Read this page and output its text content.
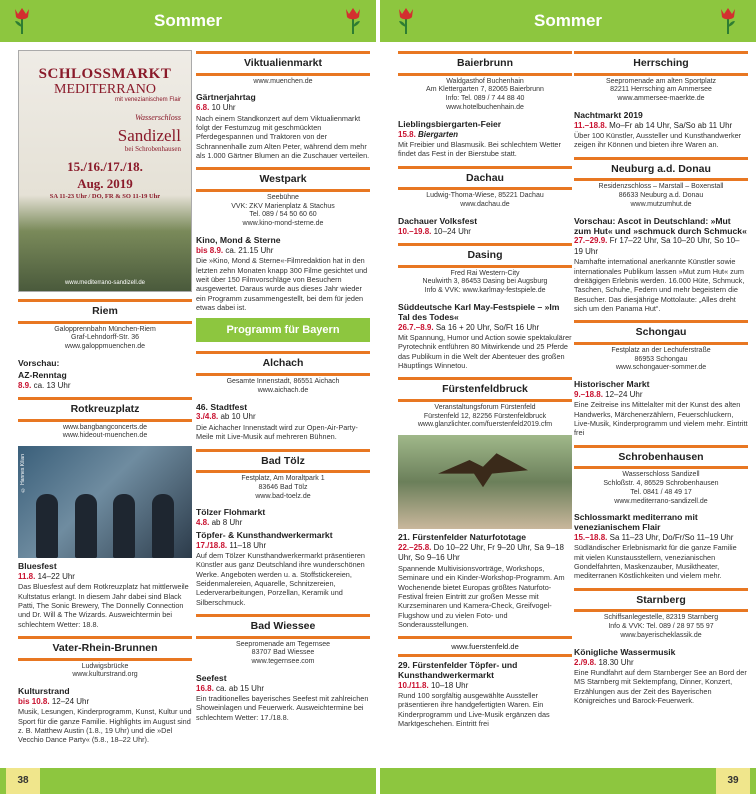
Sommer	Sommer
SCHLOSSMARKT
MEDITERRANO
mit venezianischem Flair
Wasserschloss
Sandizell
bei Schrobenhausen
15./16./17./18.
Aug. 2019
SA 11-23 Uhr / DO, FR & SO 11-19 Uhr
www.mediterrano-sandizell.de
Riem
Galopprennbahn München-Riem
Graf-Lehndorff-Str. 36
www.galoppmuenchen.de
Vorschau:
AZ-Renntag
8.9. ca. 13 Uhr
Rotkreuzplatz
www.bangbangconcerts.de
www.hideout-muenchen.de
© Hannes Kilian
Bluesfest
11.8. 14–22 Uhr
Das Bluesfest auf dem Rotkreuzplatz hat mittlerweile Kultstatus erlangt. In diesem Jahr dabei sind Black Patti, The Sonic Brewery, The Donnelly Connection und Dr. Will & The Wizards. Ausweichtermin bei schlechtem Wetter: 18.8.
Vater-Rhein-Brunnen
Ludwigsbrücke
www.kulturstrand.org
Kulturstrand
bis 10.8. 12–24 Uhr
Musik, Lesungen, Kinderprogramm, Kunst, Kultur und Sport für die ganze Familie. Highlights im August sind z. B. Matthew Austin (1.8., 19 Uhr) und die »Del Vecchio Dance Party« (5.8., 18–22 Uhr).
Viktualienmarkt
www.muenchen.de
Gärtnerjahrtag
6.8. 10 Uhr
Nach einem Standkonzert auf dem Viktualienmarkt folgt der Festumzug mit geschmückten Pferdegespannen und Traktoren von der Schrannenhalle zum Alten Peter, während dem mehr als 1.000 Gärtner Blumen an die Zuschauer verteilen.
Westpark
Seebühne
VVK: ZKV Marienplatz & Stachus
Tel. 089 / 54 50 60 60
www.kino-mond-sterne.de
Kino, Mond & Sterne
bis 8.9. ca. 21.15 Uhr
Die »Kino, Mond & Sterne«-Filmredaktion hat in den letzten zehn Monaten knapp 300 Filme gesichtet und weit über 150 Filmvorschläge von Besuchern ausgewertet. Daraus wurde aus dieses Jahr wieder ein Programm zusammengestellt, bei dem für jeden etwas dabei ist.
Programm für Bayern
Alchach
Gesamte Innenstadt, 86551 Aichach
www.aichach.de
46. Stadtfest
3./4.8. ab 10 Uhr
Die Aichacher Innenstadt wird zur Open-Air-Party-Meile mit Live-Musik auf mehreren Bühnen.
Bad Tölz
Festplatz, Am Moraltpark 1
83646 Bad Tölz
www.bad-toelz.de
Tölzer Flohmarkt
4.8. ab 8 Uhr
Töpfer- & Kunsthandwerkermarkt
17./18.8. 11–18 Uhr
Auf dem Tölzer Kunsthandwerkermarkt präsentieren Künstler aus ganz Deutschland ihre wunderschönen Werke. Angeboten werden u. a. Stoffstickereien, Seidenmalereien, Aquarelle, Schnitzereien, Lederverarbeitungen, Porzellan, Keramik und Silberschmuck.
Bad Wiessee
Seepromenade am Tegernsee
83707 Bad Wiessee
www.tegernsee.com
Seefest
16.8. ca. ab 15 Uhr
Ein traditionelles bayerisches Seefest mit zahlreichen Showeinlagen und Feuerwerk. Ausweichtermine bei schlechtem Wetter: 17./18.8.
Baierbrunn
Waldgasthof Buchenhain
Am Klettergarten 7, 82065 Baierbrunn
Info: Tel. 089 / 7 44 88 40
www.hotelbuchenhain.de
Lieblingsbiergarten-Feier
15.8. Biergarten
Mit Freibier und Blasmusik. Bei schlechtem Wetter findet das Fest in der Bierstube statt.
Dachau
Ludwig-Thoma-Wiese, 85221 Dachau
www.dachau.de
Dachauer Volksfest
10.–19.8. 10–24 Uhr
Dasing
Fred Rai Western-City
Neulwirth 3, 86453 Dasing bei Augsburg
Info & VVK: www.karlmay-festspiele.de
Süddeutsche Karl May-Festspiele – »Im Tal des Todes«
26.7.–8.9. Sa 16 + 20 Uhr, So/Ft 16 Uhr
Mit Spannung, Humor und Action sowie spektakulärer Pyrotechnik entführen 80 Mitwirkende und 25 Pferde das Publikum in die Welt der Abenteuer des großen Häuptlings Winnetou.
Fürstenfeldbruck
Veranstaltungsforum Fürstenfeld
Fürstenfeld 12, 82256 Fürstenfeldbruck
www.glanzlichter.com/fuerstenfeld2019.cfm
21. Fürstenfelder Naturfototage
22.–25.8. Do 10–22 Uhr, Fr 9–20 Uhr, Sa 9–18 Uhr, So 9–16 Uhr
Spannende Multivisionsvorträge, Workshops, Seminare und ein Kinder-Workshop-Programm. Am Wochenende bietet Europas größtes Naturfoto-Festival freien Eintritt zur großen Messe mit Kurzseminaren und Kamera-Check, Greifvogel-Flugshow und zu vielen Foto- und Sonderausstellungen.
www.fuerstenfeld.de
29. Fürstenfelder Töpfer- und Kunsthandwerkermarkt
10./11.8. 10–18 Uhr
Rund 100 sorgfältig ausgewählte Aussteller präsentieren ihre handgefertigten Waren. Ein Kinderprogramm und Live-Musik ergänzen das Marktgeschehen. Eintritt frei
Herrsching
Seepromenade am alten Sportplatz
82211 Herrsching am Ammersee
www.ammersee-maerkte.de
Nachtmarkt 2019
11.–18.8. Mo–Fr ab 14 Uhr, Sa/So ab 11 Uhr
Über 100 Künstler, Aussteller und Kunsthandwerker zeigen ihr Können und bieten ihre Waren an.
Neuburg a.d. Donau
Residenzschloss – Marstall – Boxenstall
86633 Neuburg a.d. Donau
www.mutzumhut.de
Vorschau: Ascot in Deutschland: »Mut zum Hut« und »schmuck durch Schmuck«
27.–29.9. Fr 17–22 Uhr, Sa 10–20 Uhr, So 10–19 Uhr
Namhafte international anerkannte Künstler sowie internationales Publikum lassen »Mut zum Hut« zum dreitägigen Erlebnis werden. 16.000 Hüte, Schmuck, Taschen, Schuhe, Federn und mehr begeistern die Besucher. Das diesjährige Mottolaute: „Alles dreht sich um den Panama Hut“.
Schongau
Festplatz an der Lechuferstraße
86953 Schongau
www.schongauer-sommer.de
Historischer Markt
9.–18.8. 12–24 Uhr
Eine Zeitreise ins Mittelalter mit der Kunst des alten Handwerks, Märchenerzählern, Feuerschluckern, Live-Musik, Kinderprogramm und vielem mehr. Eintritt frei
Schrobenhausen
Wasserschloss Sandizell
Schloßstr. 4, 86529 Schrobenhausen
Tel. 0841 / 48 49 17
www.mediterrano-sandizell.de
Schlossmarkt mediterrano mit venezianischem Flair
15.–18.8. Sa 11–23 Uhr, Do/Fr/So 11–19 Uhr
Südländischer Erlebnismarkt für die ganze Familie mit vielen Kunstausstellern, venezianischen Gondelfahrten, Maskenzauber, Musiktheater, mediterranen Köstlichkeiten und vielem mehr.
Starnberg
Schiffsanlegestelle, 82319 Starnberg
Info & VVK: Tel. 089 / 28 97 55 97
www.bayerischeklassik.de
Königliche Wassermusik
2./9.8. 18.30 Uhr
Eine Rundfahrt auf dem Starnberger See an Bord der MS Starnberg mit Sektempfang, Dinner, Konzert, Erzählungen aus der Zeit des Bayerischen Königreiches und Barock-Feuerwerk.
38	39
